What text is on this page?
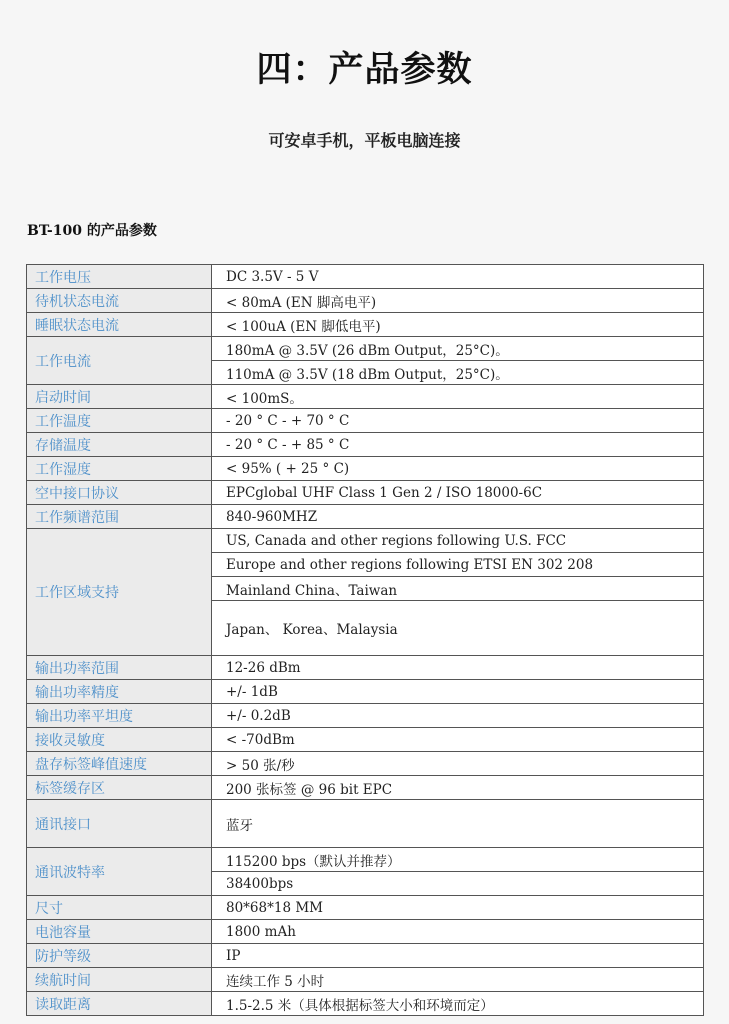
四：产品参数
可安卓手机，平板电脑连接
BT-100 的产品参数
工作电压	DC 3.5V - 5 V
待机状态电流	< 80mA (EN 脚高电平)
睡眠状态电流	< 100uA (EN 脚低电平)
工作电流	180mA @ 3.5V (26 dBm Output，25°C)。
	110mA @ 3.5V (18 dBm Output，25°C)。
启动时间	< 100mS。
工作温度	- 20 ° C - + 70 ° C
存储温度	- 20 ° C - + 85 ° C
工作湿度	< 95% ( + 25 ° C)
空中接口协议	EPCglobal UHF Class 1 Gen 2 / ISO 18000-6C
工作频谱范围	840-960MHZ
工作区域支持	US, Canada and other regions following U.S. FCC
	Europe and other regions following ETSI EN 302 208
	Mainland China、Taiwan
	Japan、 Korea、Malaysia
输出功率范围	12-26 dBm
输出功率精度	+/- 1dB
输出功率平坦度	+/- 0.2dB
接收灵敏度	< -70dBm
盘存标签峰值速度	> 50 张/秒
标签缓存区	200 张标签 @ 96 bit EPC
通讯接口	蓝牙
通讯波特率	115200 bps（默认并推荐）
	38400bps
尺寸	80*68*18 MM
电池容量	1800 mAh
防护等级	IP
续航时间	连续工作 5 小时
读取距离	1.5-2.5 米（具体根据标签大小和环境而定）
